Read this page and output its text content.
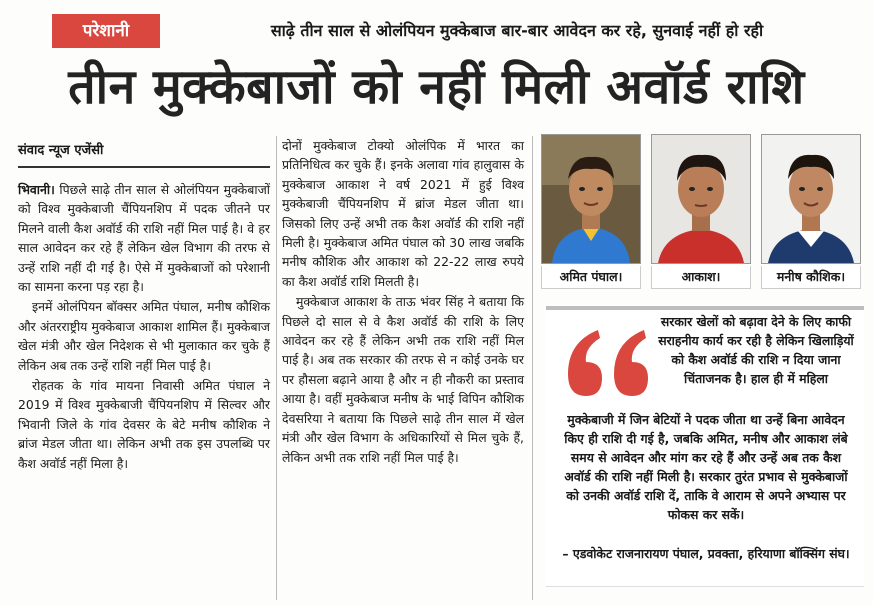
परेशानी	साढ़े तीन साल से ओलंपियन मुक्केबाज बार-बार आवेदन कर रहे, सुनवाई नहीं हो रही
तीन मुक्केबाजों को नहीं मिली अवॉर्ड राशि
संवाद न्यूज एजेंसी

भिवानी। पिछले साढ़े तीन साल से ओलंपियन मुक्केबाजों को विश्व मुक्केबाजी चैंपियनशिप में पदक जीतने पर मिलने वाली कैश अवॉर्ड की राशि नहीं मिल पाई है। वे हर साल आवेदन कर रहे हैं लेकिन खेल विभाग की तरफ से उन्हें राशि नहीं दी गई है। ऐसे में मुक्केबाजों को परेशानी का सामना करना पड़ रहा है।

इनमें ओलंपियन बॉक्सर अमित पंघाल, मनीष कौशिक और अंतरराष्ट्रीय मुक्केबाज आकाश शामिल हैं। मुक्केबाज खेल मंत्री और खेल निदेशक से भी मुलाकात कर चुके हैं लेकिन अब तक उन्हें राशि नहीं मिल पाई है।

रोहतक के गांव मायना निवासी अमित पंघाल ने 2019 में विश्व मुक्केबाजी चैंपियनशिप में सिल्वर और भिवानी जिले के गांव देवसर के बेटे मनीष कौशिक ने ब्रांज मेडल जीता था। लेकिन अभी तक इस उपलब्धि पर कैश अवॉर्ड नहीं मिला है।

दोनों मुक्केबाज टोक्यो ओलंपिक में भारत का प्रतिनिधित्व कर चुके हैं। इनके अलावा गांव हालुवास के मुक्केबाज आकाश ने वर्ष 2021 में हुई विश्व मुक्केबाजी चैंपियनशिप में ब्रांज मेडल जीता था। जिसको लिए उन्हें अभी तक कैश अवॉर्ड की राशि नहीं मिली है। मुक्केबाज अमित पंघाल को 30 लाख जबकि मनीष कौशिक और आकाश को 22-22 लाख रुपये का कैश अवॉर्ड राशि मिलती है।

मुक्केबाज आकाश के ताऊ भंवर सिंह ने बताया कि पिछले दो साल से वे कैश अवॉर्ड की राशि के लिए आवेदन कर रहे हैं लेकिन अभी तक राशि नहीं मिल पाई है। अब तक सरकार की तरफ से न कोई उनके घर पर हौसला बढ़ाने आया है और न ही नौकरी का प्रस्ताव आया है। वहीं मुक्केबाज मनीष के भाई विपिन कौशिक देवसरिया ने बताया कि पिछले साढ़े तीन साल में खेल मंत्री और खेल विभाग के अधिकारियों से मिल चुके हैं, लेकिन अभी तक राशि नहीं मिल पाई है।

अमित पंघाल।	आकाश।	मनीष कौशिक।
सरकार खेलों को बढ़ावा देने के लिए काफी सराहनीय कार्य कर रही है लेकिन खिलाड़ियों को कैश अवॉर्ड की राशि न दिया जाना चिंताजनक है। हाल ही में महिला
मुक्केबाजी में जिन बेटियों ने पदक जीता था उन्हें बिना आवेदन किए ही राशि दी गई है, जबकि अमित, मनीष और आकाश लंबे समय से आवेदन और मांग कर रहे हैं और उन्हें अब तक कैश अवॉर्ड की राशि नहीं मिली है। सरकार तुरंत प्रभाव से मुक्केबाजों को उनकी अवॉर्ड राशि दें, ताकि वे आराम से अपने अभ्यास पर फोकस कर सकें।
– एडवोकेट राजनारायण पंघाल, प्रवक्ता, हरियाणा बॉक्सिंग संघ।
